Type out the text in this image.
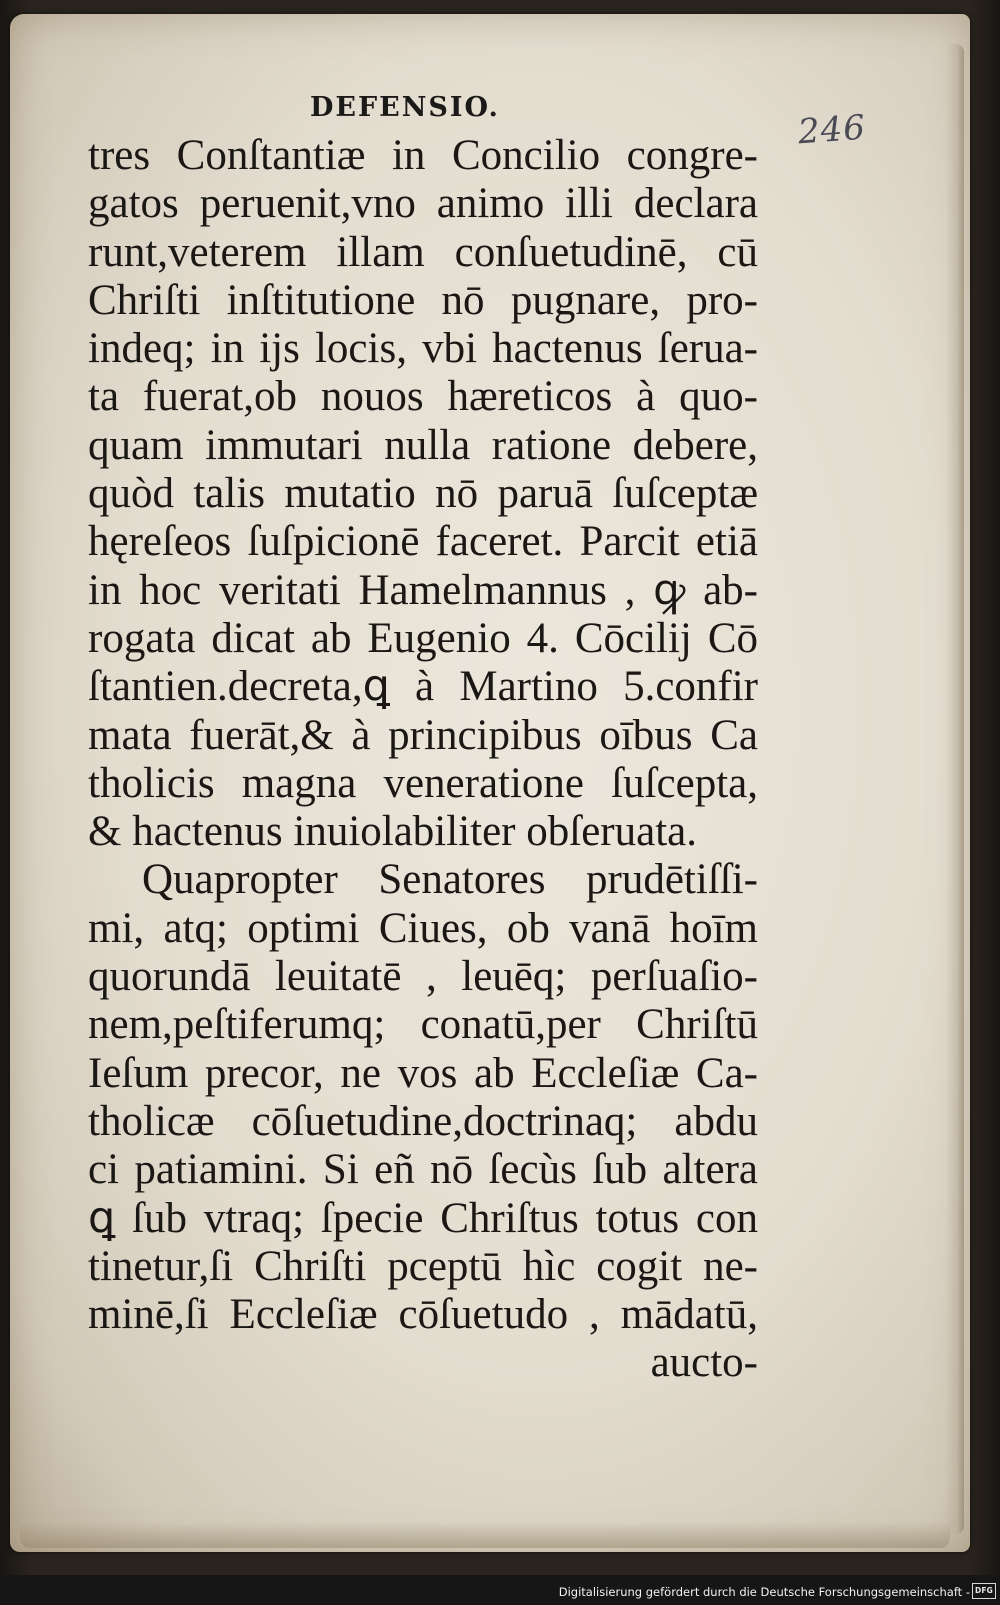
DEFENSIO.
246
tres Conſtantiæ in Concilio congre-
gatos peruenit,vno animo illi declara
runt,veterem illam conſuetudinē, cū
Chriſti inſtitutione nō pugnare, pro-
indeq; in ijs locis, vbi hactenus ſerua-
ta fuerat,ob nouos hæreticos à quo-
quam immutari nulla ratione debere,
quòd talis mutatio nō paruā ſuſceptæ
hęreſeos ſuſpicionē faceret. Parcit etiā
in hoc veritati Hamelmannus , ꝙ ab-
rogata dicat ab Eugenio 4. Cōcilij Cō
ſtantien.decreta,ꝗ à Martino 5.confir
mata fuerāt,& à principibus oībus Ca
tholicis magna veneratione ſuſcepta,
& hactenus inuiolabiliter obſeruata.
Quapropter Senatores prudētiſſi-
mi, atq; optimi Ciues, ob vanā hoīm
quorundā leuitatē , leuēq; perſuaſio-
nem,peſtiferumq; conatū,per Chriſtū
Ieſum precor, ne vos ab Eccleſiæ Ca-
tholicæ cōſuetudine,doctrinaq; abdu
ci patiamini. Si eñ nō ſecùs ſub altera
ꝗ ſub vtraq; ſpecie Chriſtus totus con
tinetur,ſi Chriſti pceptū hìc cogit ne-
minē,ſi Eccleſiæ cōſuetudo , mādatū,
aucto-
Digitalisierung gefördert durch die Deutsche Forschungsgemeinschaft - DFG
